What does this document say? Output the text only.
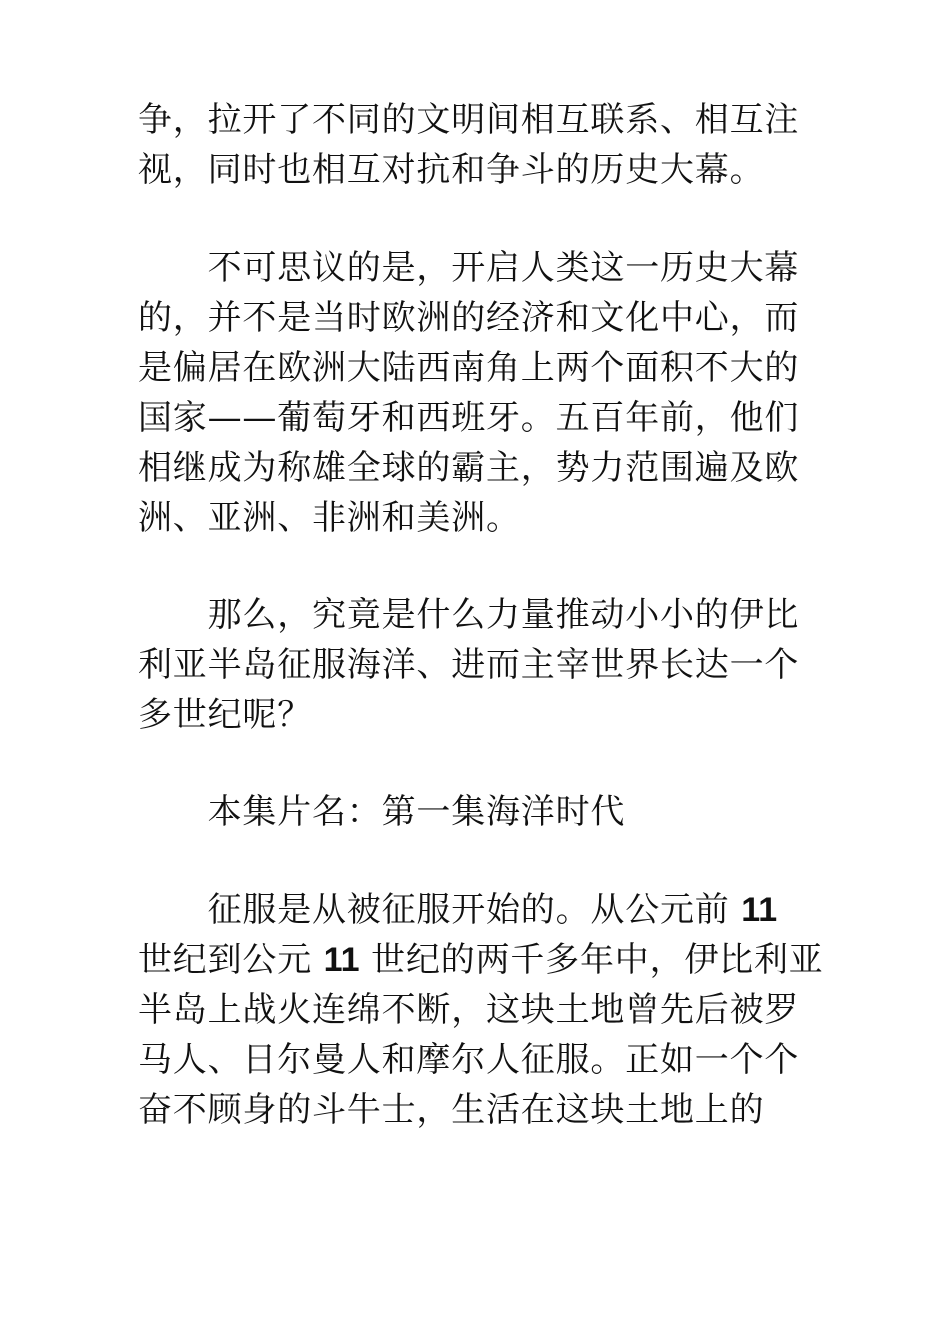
争，拉开了不同的文明间相互联系、相互注
视，同时也相互对抗和争斗的历史大幕。
　　不可思议的是，开启人类这一历史大幕
的，并不是当时欧洲的经济和文化中心，而
是偏居在欧洲大陆西南角上两个面积不大的
国家——葡萄牙和西班牙。五百年前，他们
相继成为称雄全球的霸主，势力范围遍及欧
洲、亚洲、非洲和美洲。
　　那么，究竟是什么力量推动小小的伊比
利亚半岛征服海洋、进而主宰世界长达一个
多世纪呢？
　　本集片名：第一集海洋时代
　　征服是从被征服开始的。从公元前 11
世纪到公元 11 世纪的两千多年中，伊比利亚
半岛上战火连绵不断，这块土地曾先后被罗
马人、日尔曼人和摩尔人征服。正如一个个
奋不顾身的斗牛士，生活在这块土地上的
